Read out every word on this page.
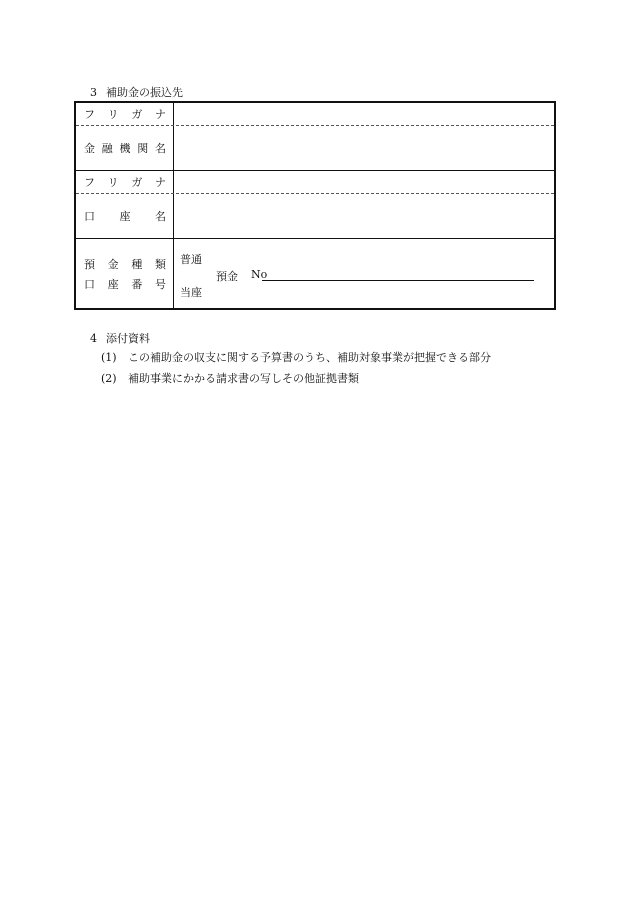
3 補助金の振込先
フ リ ガ ナ
金 融 機 関 名
フ リ ガ ナ
口 座 名
預 金 種 類
口 座 番 号
普通
当座
預金 No
4 添付資料
(1) この補助金の収支に関する予算書のうち、補助対象事業が把握できる部分
(2) 補助事業にかかる請求書の写しその他証拠書類
